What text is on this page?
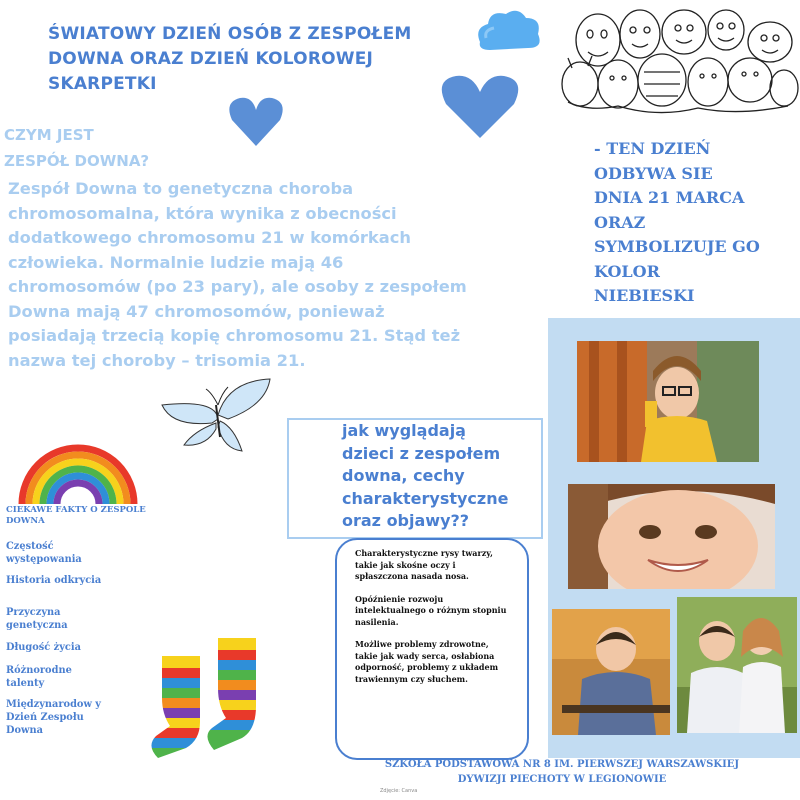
ŚWIATOWY DZIEŃ OSÓB Z ZESPOŁEM
DOWNA ORAZ DZIEŃ KOLOROWEJ
SKARPETKI
CZYM JEST
ZESPÓŁ DOWNA?
Zespół Downa to genetyczna choroba chromosomalna, która wynika z obecności dodatkowego chromosomu 21 w komórkach człowieka. Normalnie ludzie mają 46 chromosomów (po 23 pary), ale osoby z zespołem Downa mają 47 chromosomów, ponieważ posiadają trzecią kopię chromosomu 21. Stąd też nazwa tej choroby – trisomia 21.
- TEN DZIEŃ
ODBYWA SIE
DNIA 21 MARCA
ORAZ
SYMBOLIZUJE GO
KOLOR
NIEBIESKI
CIEKAWE FAKTY O ZESPOLE
DOWNA
Częstość występowania
Historia odkrycia
Przyczyna genetyczna
Długość życia
Różnorodne talenty
Międzynarodow y Dzień Zespołu Downa
jak wyglądają
dzieci z zespołem
downa, cechy
charakterystyczne
oraz objawy??

Charakterystyczne rysy twarzy, takie jak skośne oczy i spłaszczona nasada nosa.

Opóźnienie rozwoju intelektualnego o różnym stopniu nasilenia.

Możliwe problemy zdrowotne, takie jak wady serca, osłabiona odporność, problemy z układem trawiennym czy słuchem.

SZKOŁA PODSTAWOWA NR 8 IM. PIERWSZEJ WARSZAWSKIEJ
DYWIZJI PIECHOTY W LEGIONOWIE
Zdjęcie: Canva
